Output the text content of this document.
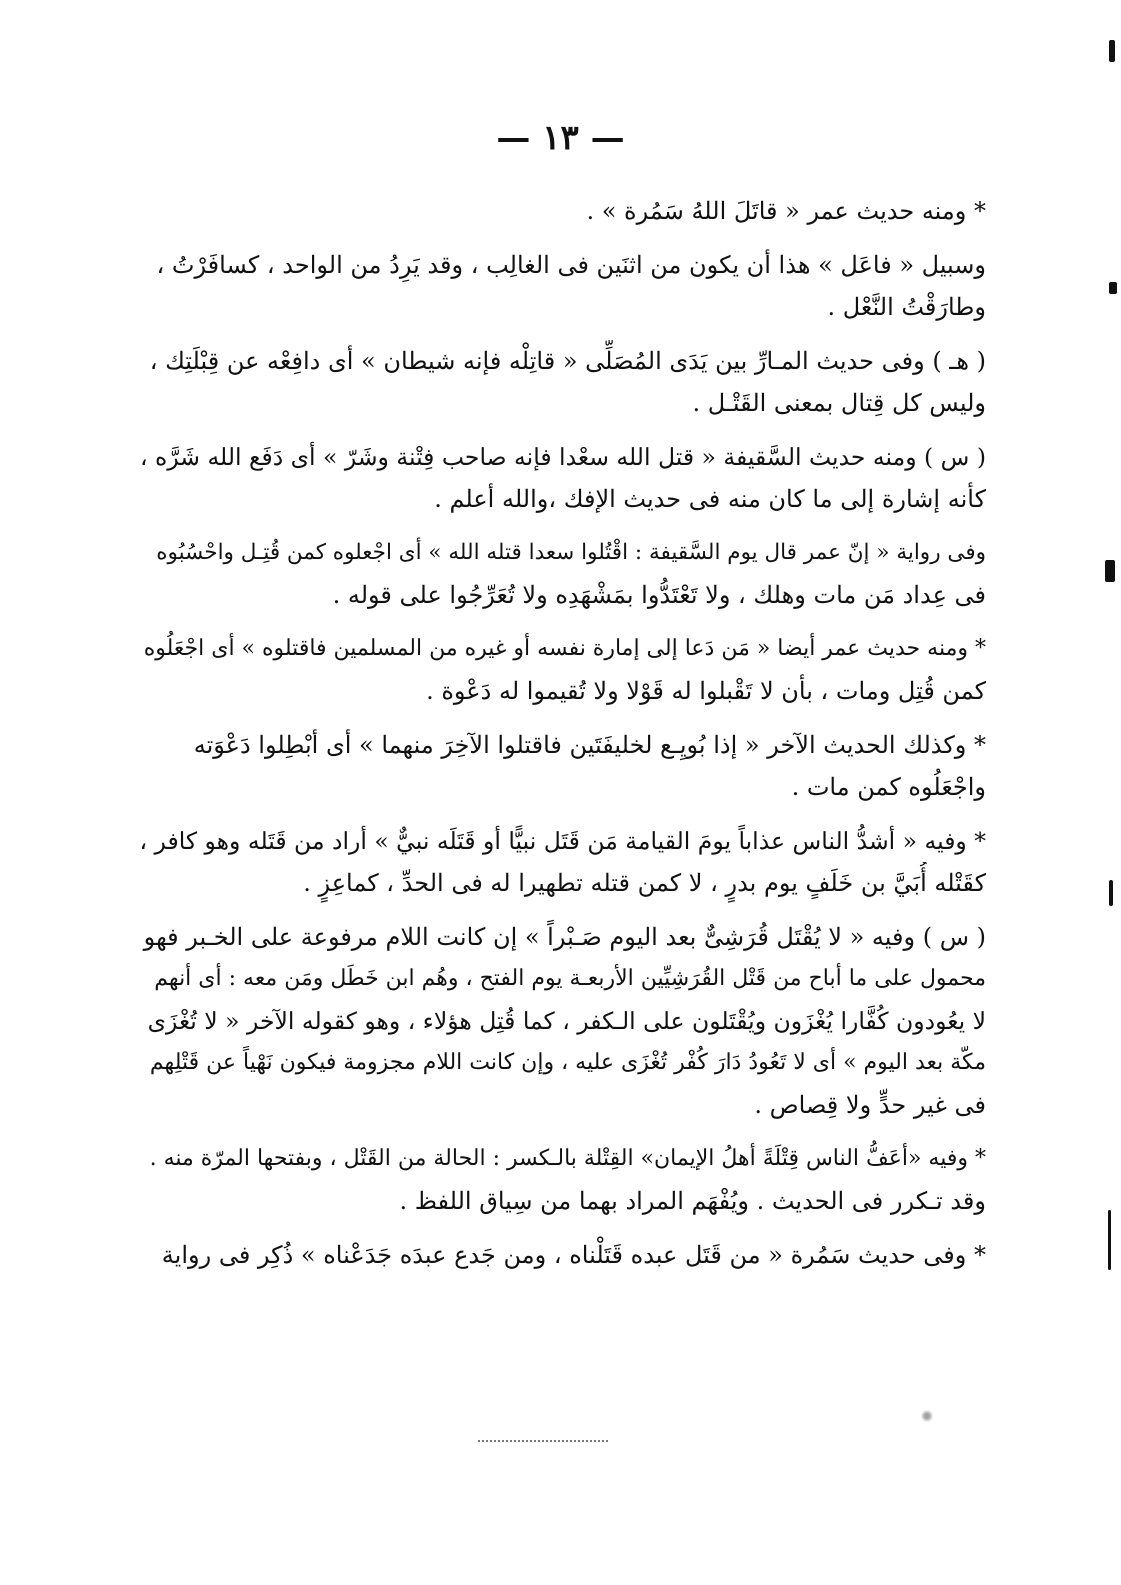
— ١٣ —
* ومنه حديث عمر « قاتَلَ اللهُ سَمُرة » .
وسبيل « فاعَل » هذا أن يكون من اثنَين فى الغالِب ، وقد يَرِدُ من الواحد ، كسافَرْتُ ،
وطارَقْتُ النَّعْل .
( هـ ) وفى حديث المـارِّ بين يَدَى المُصَلِّى « قاتِلْه فإنه شيطان » أى دافِعْه عن قِبْلَتِك ،
وليس كل قِتال بمعنى القَتْـل .
( س ) ومنه حديث السَّقيفة « قتل الله سعْدا فإنه صاحب فِتْنة وشَرّ » أى دَفَع الله شَرَّه ،
كأنه إشارة إلى ما كان منه فى حديث الإفك ،والله أعلم .
وفى رواية « إنّ عمر قال يوم السَّقيفة : اقْتُلوا سعدا قتله الله » أى اجْعلوه كمن قُتِـل واحْسُبُوه
فى عِداد مَن مات وهلك ، ولا تَعْتَدُّوا بمَشْهَدِه ولا تُعَرِّجُوا على قوله .
* ومنه حديث عمر أيضا « مَن دَعا إلى إمارة نفسه أو غيره من المسلمين فاقتلوه » أى اجْعَلُوه
كمن قُتِل ومات ، بأن لا تَقْبلوا له قَوْلا ولا تُقيموا له دَعْوة .
* وكذلك الحديث الآخر « إذا بُويِـع لخليفَتَين فاقتلوا الآخِرَ منهما » أى أبْطِلوا دَعْوَته
واجْعَلُوه كمن مات .
* وفيه « أشدُّ الناس عذاباً يومَ القيامة مَن قَتَل نبيًّا أو قَتَلَه نبيٌّ » أراد من قَتَله وهو كافر ،
كقَتْله أُبَيَّ بن خَلَفٍ يوم بدرٍ ، لا كمن قتله تطهيرا له فى الحدِّ ، كماعِزٍ .
( س ) وفيه « لا يُقْتَل قُرَشِىٌّ بعد اليوم صَـبْراً » إن كانت اللام مرفوعة على الخـبر فهو
محمول على ما أباح من قَتْل القُرَشِيِّين الأربعـة يوم الفتح ، وهُم ابن خَطَل ومَن معه : أى أنهم
لا يعُودون كُفَّارا يُغْزَون ويُقْتَلون على الـكفر ، كما قُتِل هؤلاء ، وهو كقوله الآخر « لا تُغْزَى
مكّة بعد اليوم » أى لا تَعُودُ دَارَ كُفْر تُغْزَى عليه ، وإن كانت اللام مجزومة فيكون نَهْياً عن قَتْلِهم
فى غير حدٍّ ولا قِصاص .
* وفيه «أعَفُّ الناس قِتْلَةً أهلُ الإيمان» القِتْلة بالـكسر : الحالة من القَتْل ، وبفتحها المرّة منه .
وقد تـكرر فى الحديث . ويُفْهَم المراد بهما من سِياق اللفظ .
* وفى حديث سَمُرة « من قَتَل عبده قَتَلْناه ، ومن جَدع عبدَه جَدَعْناه » ذُكِر فى رواية
